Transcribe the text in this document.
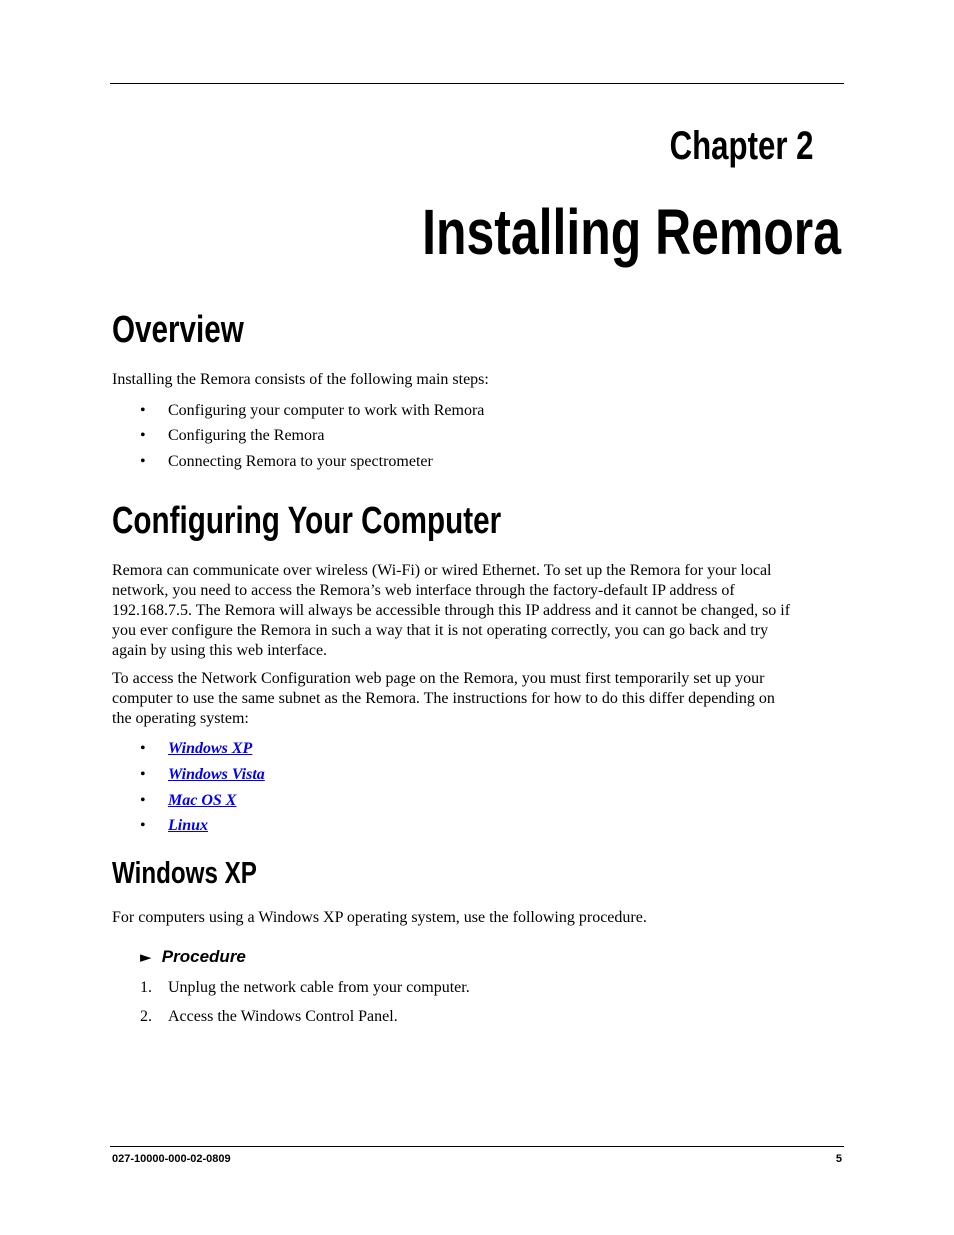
Chapter 2
Installing Remora
Overview
Installing the Remora consists of the following main steps:
• Configuring your computer to work with Remora
• Configuring the Remora
• Connecting Remora to your spectrometer
Configuring Your Computer
Remora can communicate over wireless (Wi-Fi) or wired Ethernet. To set up the Remora for your local
network, you need to access the Remora’s web interface through the factory-default IP address of
192.168.7.5. The Remora will always be accessible through this IP address and it cannot be changed, so if
you ever configure the Remora in such a way that it is not operating correctly, you can go back and try
again by using this web interface.
To access the Network Configuration web page on the Remora, you must first temporarily set up your
computer to use the same subnet as the Remora. The instructions for how to do this differ depending on
the operating system:
• Windows XP
• Windows Vista
• Mac OS X
• Linux
Windows XP
For computers using a Windows XP operating system, use the following procedure.
► Procedure
1. Unplug the network cable from your computer.
2. Access the Windows Control Panel.
027-10000-000-02-0809	5
